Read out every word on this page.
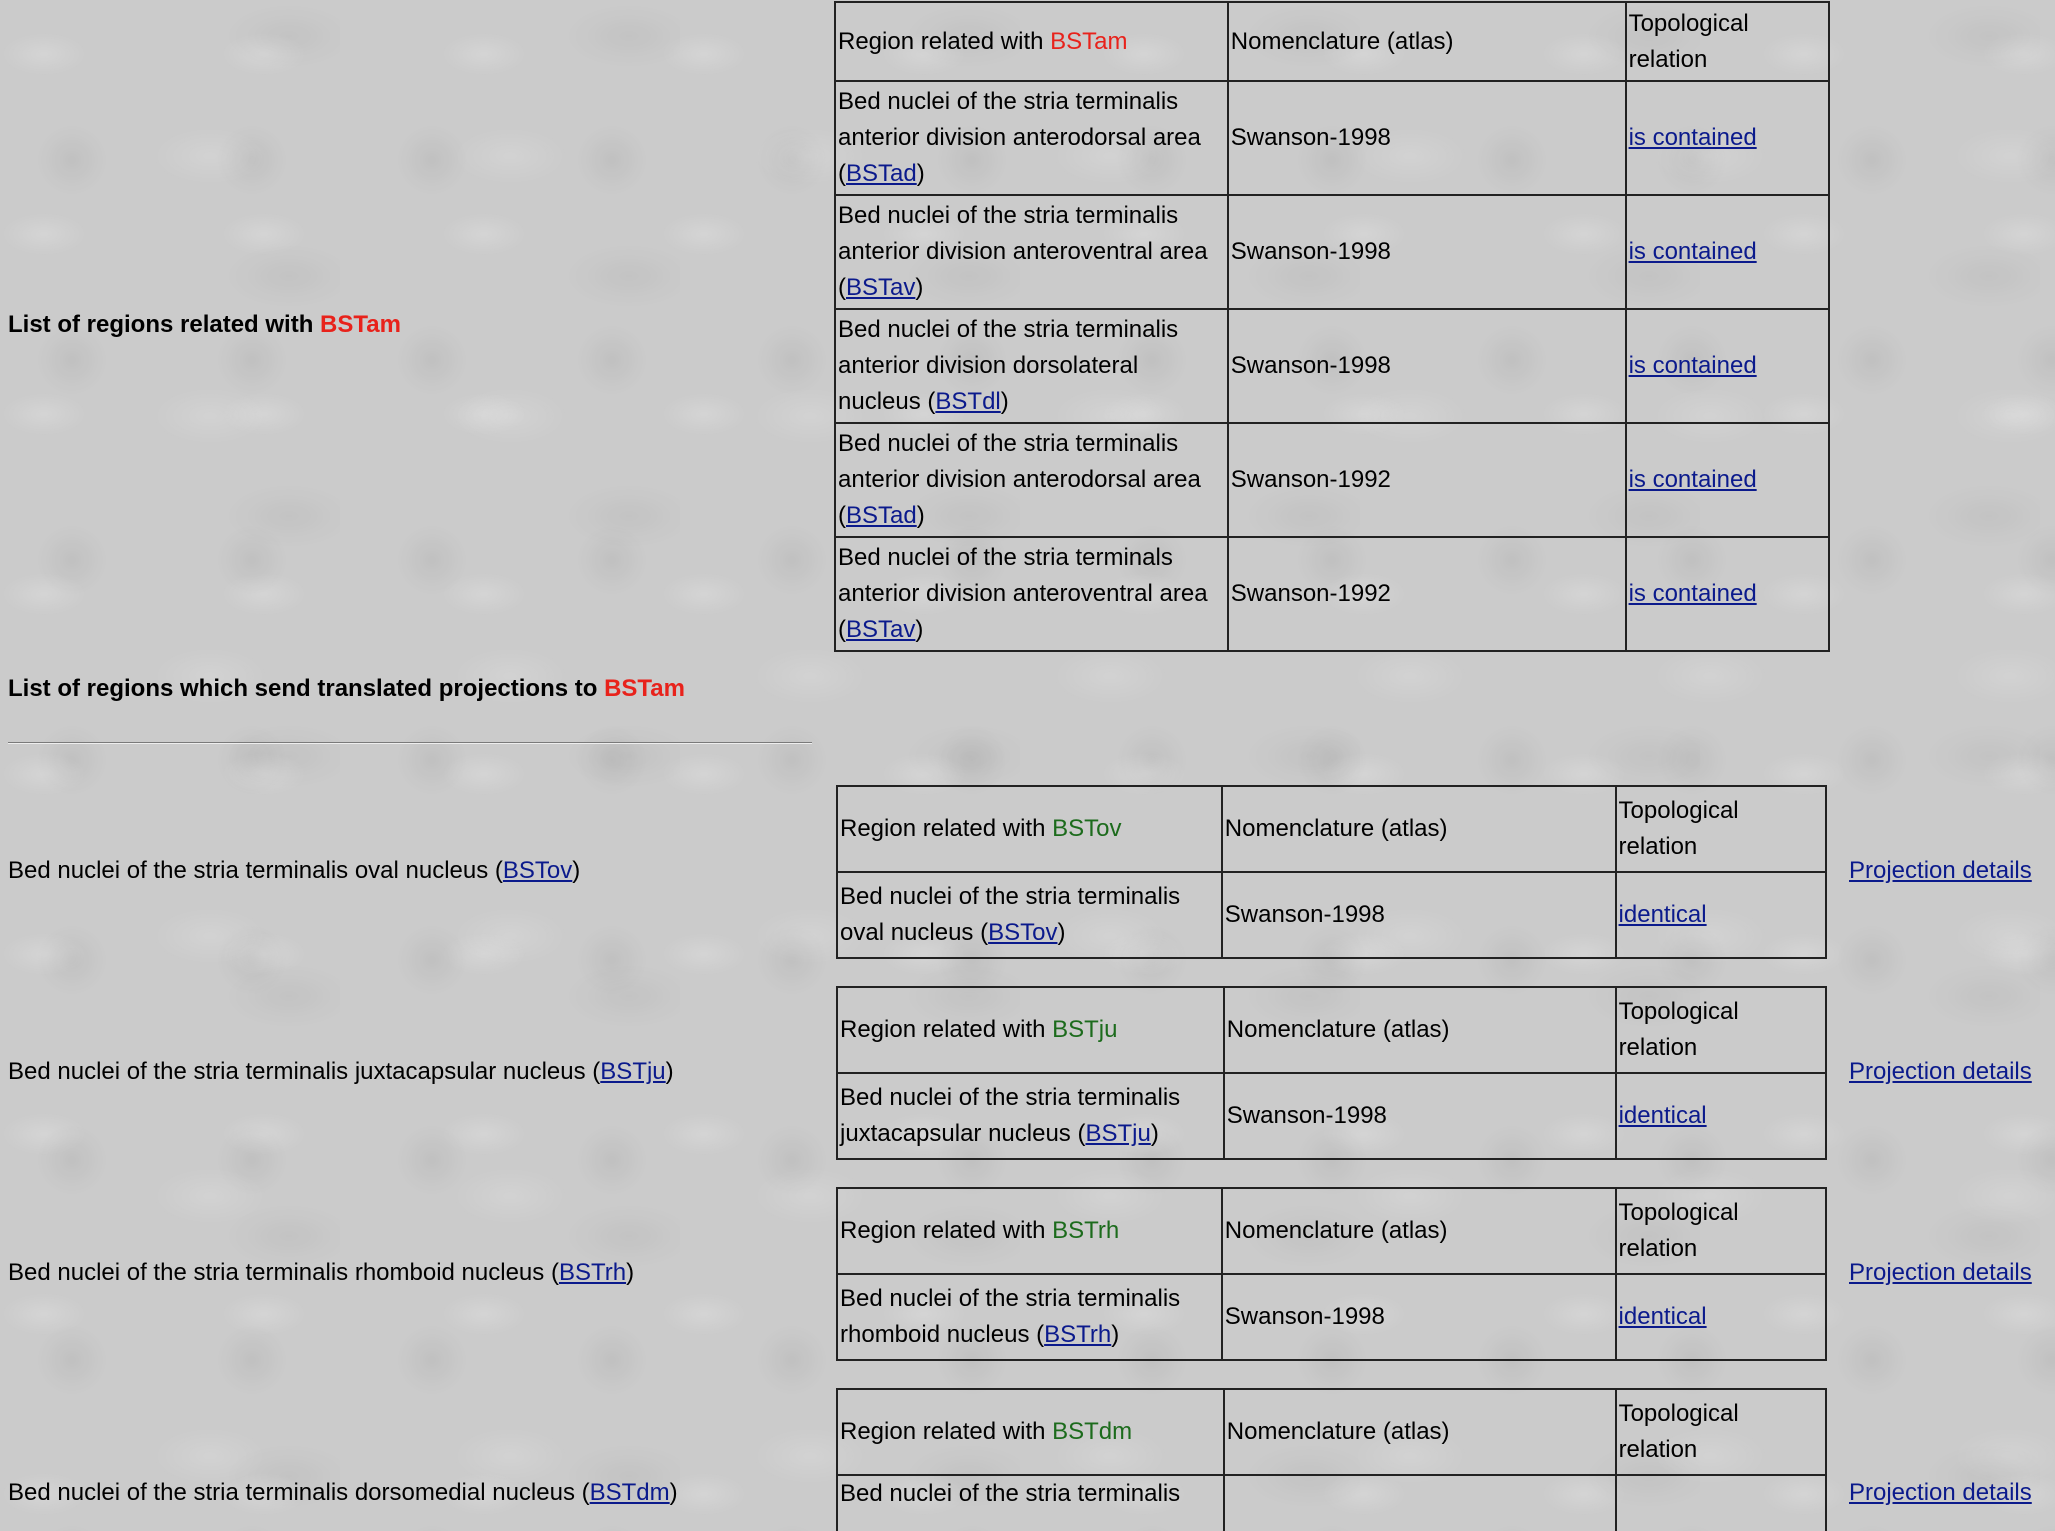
List of regions related with BSTam
Region related with BSTam	Nomenclature (atlas)	Topological
relation
Bed nuclei of the stria terminalis
anterior division anterodorsal area
(BSTad)	Swanson-1998	is contained
Bed nuclei of the stria terminalis
anterior division anteroventral area
(BSTav)	Swanson-1998	is contained
Bed nuclei of the stria terminalis
anterior division dorsolateral
nucleus (BSTdl)	Swanson-1998	is contained
Bed nuclei of the stria terminalis
anterior division anterodorsal area
(BSTad)	Swanson-1992	is contained
Bed nuclei of the stria terminals
anterior division anteroventral area
(BSTav)	Swanson-1992	is contained
List of regions which send translated projections to BSTam
Bed nuclei of the stria terminalis oval nucleus (BSTov)
Region related with BSTov	Nomenclature (atlas)	Topological
relation
Bed nuclei of the stria terminalis
oval nucleus (BSTov)	Swanson-1998	identical
Projection details
Bed nuclei of the stria terminalis juxtacapsular nucleus (BSTju)
Region related with BSTju	Nomenclature (atlas)	Topological
relation
Bed nuclei of the stria terminalis
juxtacapsular nucleus (BSTju)	Swanson-1998	identical
Projection details
Bed nuclei of the stria terminalis rhomboid nucleus (BSTrh)
Region related with BSTrh	Nomenclature (atlas)	Topological
relation
Bed nuclei of the stria terminalis
rhomboid nucleus (BSTrh)	Swanson-1998	identical
Projection details
Bed nuclei of the stria terminalis dorsomedial nucleus (BSTdm)
Region related with BSTdm	Nomenclature (atlas)	Topological
relation
Bed nuclei of the stria terminalis			Projection details
